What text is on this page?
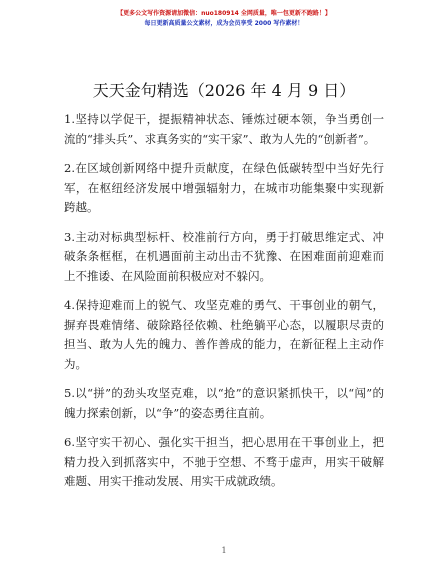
【更多公文写作资源请加微信：nuo180914 全网质量，唯一包更新不跑路！】
每日更新高质量公文素材，成为会员享受 2000 写作素材！
天天金句精选（2026 年 4 月 9 日）

1.坚持以学促干，提振精神状态、锤炼过硬本领，争当勇创一流的“排头兵”、求真务实的“实干家”、敢为人先的“创新者”。

2.在区域创新网络中提升贡献度，在绿色低碳转型中当好先行军，在枢纽经济发展中增强辐射力，在城市功能集聚中实现新跨越。

3.主动对标典型标杆、校准前行方向，勇于打破思维定式、冲破条条框框，在机遇面前主动出击不犹豫、在困难面前迎难而上不推诿、在风险面前积极应对不躲闪。

4.保持迎难而上的锐气、攻坚克难的勇气、干事创业的朝气，摒弃畏难情绪、破除路径依赖、杜绝躺平心态，以履职尽责的担当、敢为人先的魄力、善作善成的能力，在新征程上主动作为。

5.以“拼”的劲头攻坚克难，以“抢”的意识紧抓快干，以“闯”的魄力探索创新，以“争”的姿态勇往直前。

6.坚守实干初心、强化实干担当，把心思用在干事创业上，把精力投入到抓落实中，不驰于空想、不骛于虚声，用实干破解难题、用实干推动发展、用实干成就政绩。

1
